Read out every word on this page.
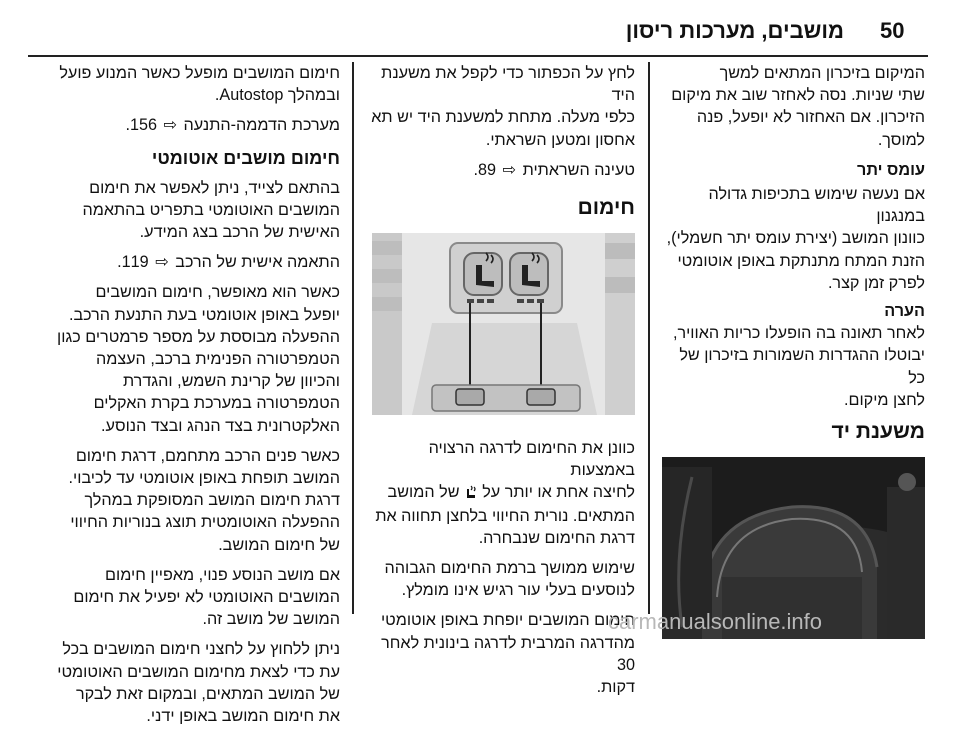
50
מושבים, מערכות ריסון

המיקום בזיכרון המתאים למשך
שתי שניות. נסה לאחזר שוב את מיקום
הזיכרון. אם האחזור לא יופעל, פנה למוסך.

עומס יתר

אם נעשה שימוש בתכיפות גדולה במנגנון
כוונון המושב (יצירת עומס יתר חשמלי),
הזנת המתח מתנתקת באופן אוטומטי
לפרק זמן קצר.

הערה

לאחר תאונה בה הופעלו כריות האוויר,
יבוטלו ההגדרות השמורות בזיכרון של כל
לחצן מיקום.

משענת יד

לחץ על הכפתור כדי לקפל את משענת היד
כלפי מעלה. מתחת למשענת היד יש תא
אחסון ומטען השראתי.

טעינה השראתית ⇨ 89.

חימום

כוונן את החימום לדרגה הרצויה באמצעות
לחיצה אחת או יותר על  של המושב
המתאים. נורית החיווי בלחצן תחווה את
דרגת החימום שנבחרה.

שימוש ממושך ברמת החימום הגבוהה
לנוסעים בעלי עור רגיש אינו מומלץ.

חימום המושבים יופחת באופן אוטומטי
מהדרגה המרבית לדרגה בינונית לאחר 30
דקות.

חימום המושבים מופעל כאשר המנוע פועל
ובמהלך Autostop.

מערכת הדממה-התנעה ⇨ 156.

חימום מושבים אוטומטי

בהתאם לצייד, ניתן לאפשר את חימום
המושבים האוטומטי בתפריט בהתאמה
האישית של הרכב בצג המידע.

התאמה אישית של הרכב ⇨ 119.

כאשר הוא מאופשר, חימום המושבים
יופעל באופן אוטומטי בעת התנעת הרכב.
ההפעלה מבוססת על מספר פרמטרים כגון
הטמפרטורה הפנימית ברכב, העצמה
והכיוון של קרינת השמש, והגדרת
הטמפרטורה במערכת בקרת האקלים
האלקטרונית בצד הנהג ובצד הנוסע.

כאשר פנים הרכב מתחמם, דרגת חימום
המושב תופחת באופן אוטומטי עד לכיבוי.
דרגת חימום המושב המסופקת במהלך
ההפעלה האוטומטית תוצג בנוריות החיווי
של חימום המושב.

אם מושב הנוסע פנוי, מאפיין חימום
המושבים האוטומטי לא יפעיל את חימום
המושב של מושב זה.

ניתן ללחוץ על לחצני חימום המושבים בכל
עת כדי לצאת מחימום המושבים האוטומטי
של המושב המתאים, ובמקום זאת לבקר
את חימום המושב באופן ידני.

carmanualsonline.info
